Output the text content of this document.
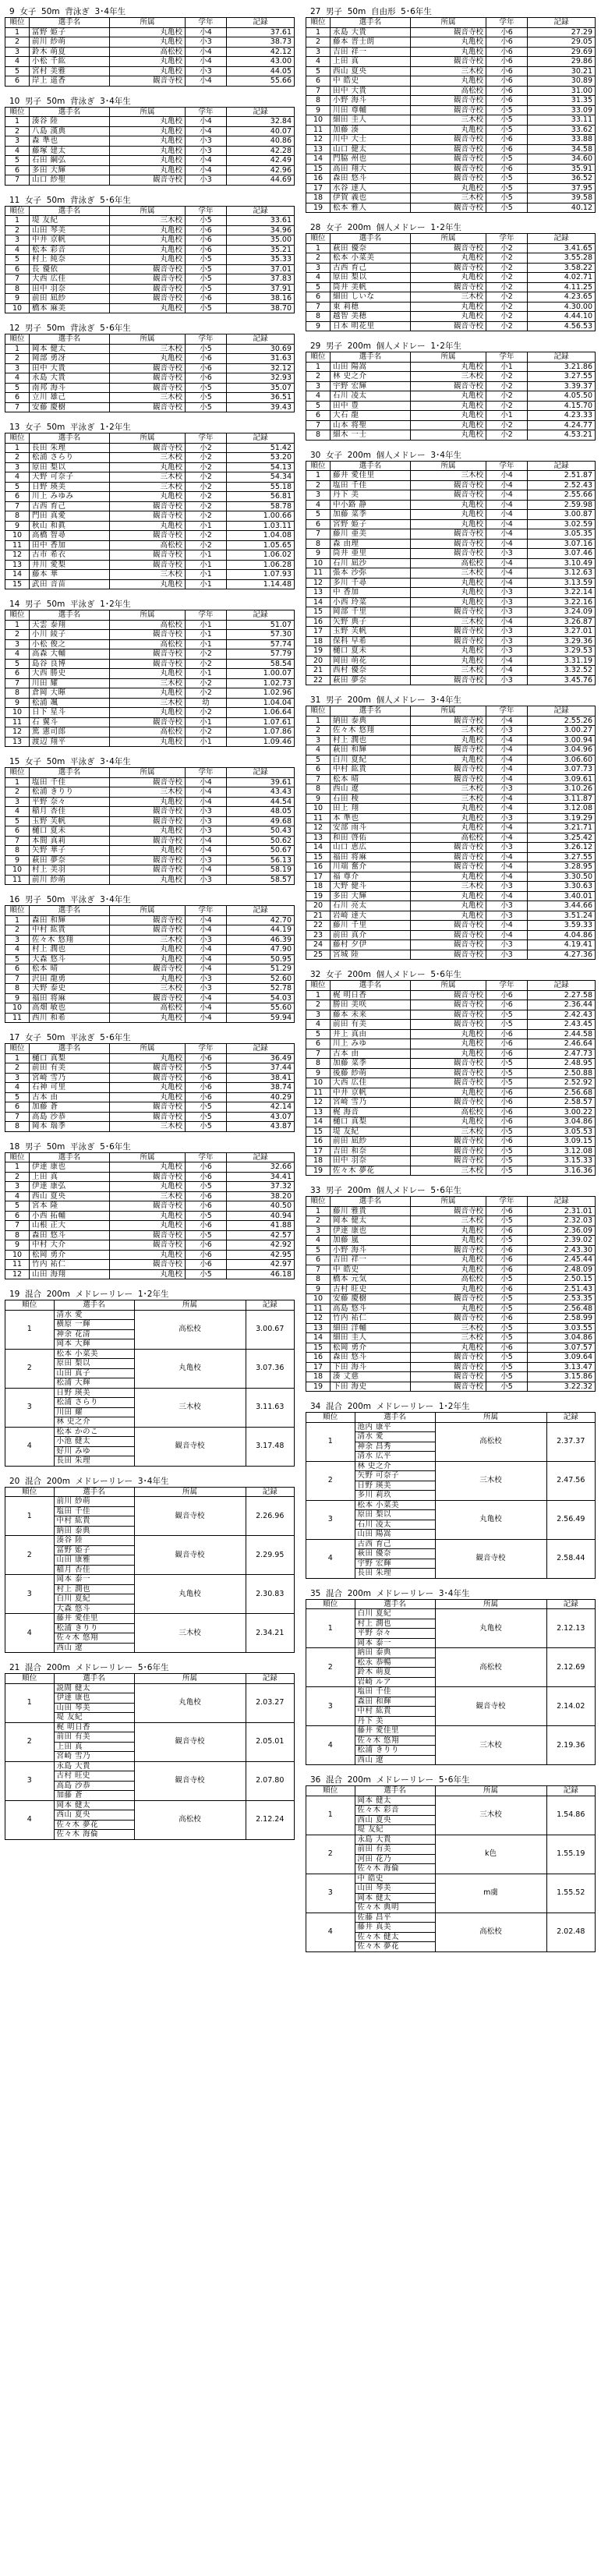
9  女子  50m  背泳ぎ  3･4年生
順位	選手名	所属	学年	記録
1	冨野 姫子	丸亀校	小4	37.61
2	前川 紗萌	丸亀校	小3	38.73
3	鈴木 萌夏	高松校	小4	42.12
4	小松 千紘	丸亀校	小4	43.00
5	宮村 美雅	丸亀校	小3	44.05
6	岸上 遥香	観音寺校	小4	55.66
10  男子  50m  背泳ぎ  3･4年生
順位	選手名	所属	学年	記録
1	湊谷 陸	丸亀校	小4	32.84
2	八島 漢典	丸亀校	小4	40.07
3	森 準也	丸亀校	小3	40.86
4	藤塚 建太	丸亀校	小3	42.28
5	石田 綱弘	丸亀校	小4	42.49
6	多田 大輝	丸亀校	小4	42.96
7	山口 紗聖	観音寺校	小3	44.69
11  女子  50m  背泳ぎ  5･6年生
順位	選手名	所属	学年	記録
1	堤 友紀	三木校	小5	33.61
2	山田 琴美	丸亀校	小6	34.96
3	中井 京帆	丸亀校	小6	35.00
4	松本 彩音	丸亀校	小6	35.21
5	村上 純奈	丸亀校	小5	35.33
6	長 優依	観音寺校	小5	37.01
7	大西 広佳	観音寺校	小5	37.83
8	田中 羽奈	観音寺校	小5	37.91
9	前田 凪紗	観音寺校	小6	38.16
10	橋本 麻美	丸亀校	小5	38.70
12  男子  50m  背泳ぎ  5･6年生
順位	選手名	所属	学年	記録
1	岡本 健太	三木校	小5	30.69
2	岡部 勇冴	丸亀校	小6	31.63
3	田中 大貴	観音寺校	小6	32.12
4	永島 大貴	観音寺校	小6	32.93
5	南邦 海斗	観音寺校	小5	35.07
6	立川 雄己	三木校	小5	36.51
7	安藤 慶樹	観音寺校	小5	39.43
13  女子  50m  平泳ぎ  1･2年生
順位	選手名	所属	学年	記録
1	長田 朱理	観音寺校	小2	51.42
2	松浦 さらり	三木校	小2	53.20
3	原田 梨以	丸亀校	小2	54.13
4	天野 可奈子	三木校	小2	54.34
5	日野 瑛美	三木校	小2	55.18
6	川上 みゆみ	丸亀校	小2	56.81
7	古西 育己	観音寺校	小2	58.78
8	門田 真愛	観音寺校	小2	1.00.66
9	秋山 和眞	丸亀校	小1	1.03.11
10	高橋 智尋	観音寺校	小2	1.04.08
11	田中 香加	高松校	小2	1.05.65
12	古市 希衣	観音寺校	小1	1.06.02
13	井川 愛梨	観音寺校	小1	1.06.28
14	藤本 華	三木校	小1	1.07.93
15	武田 音苗	丸亀校	小1	1.14.48
14  男子  50m  平泳ぎ  1･2年生
順位	選手名	所属	学年	記録
1	天雲 泰翔	高松校	小1	51.07
2	小川 綾子	観音寺校	小1	57.30
3	小松 俊之	高松校	小1	57.74
4	高森 大輔	観音寺校	小2	57.79
5	島谷 良博	観音寺校	小2	58.54
6	大西 勝史	丸亀校	小1	1.00.07
7	川田 耀	三木校	小2	1.02.73
8	倉岡 大暉	丸亀校	小2	1.02.96
9	松浦 颯	三木校	幼	1.04.04
10	日下 星斗	丸亀校	小2	1.06.64
11	石 翼斗	観音寺校	小1	1.07.61
12	篤 憲司郎	高松校	小2	1.07.86
13	渡辺 翔平	丸亀校	小1	1.09.46
15  女子  50m  平泳ぎ  3･4年生
順位	選手名	所属	学年	記録
1	塩田 千佳	観音寺校	小4	39.61
2	松浦 きりり	三木校	小4	43.43
3	平野 奈々	丸亀校	小4	44.54
4	稲月 杏佳	観音寺校	小3	48.05
5	玉野 芙帆	観音寺校	小3	49.68
6	樋口 夏未	丸亀校	小3	50.43
7	本間 真莉	観音寺校	小4	50.62
8	矢野 華子	丸亀校	小4	50.67
9	萩田 夢奈	観音寺校	小3	56.13
10	村上 美羽	観音寺校	小4	58.19
11	前川 紗萌	丸亀校	小3	58.57
16  男子  50m  平泳ぎ  3･4年生
順位	選手名	所属	学年	記録
1	森田 和輝	観音寺校	小4	42.70
2	中村 紘貴	観音寺校	小4	44.19
3	佐々木 悠翔	三木校	小3	46.39
4	村上 潤也	丸亀校	小4	47.90
5	大森 悠斗	丸亀校	小4	50.95
6	松本 晴	観音寺校	小4	51.29
7	沢田 龍勇	丸亀校	小3	52.60
8	天野 泰史	三木校	小3	52.78
9	福田 将麻	観音寺校	小4	54.03
10	高畑 敏也	高松校	小4	55.60
11	西川 和希	丸亀校	小4	59.94
17  女子  50m  平泳ぎ  5･6年生
順位	選手名	所属	学年	記録
1	樋口 真梨	丸亀校	小6	36.49
2	前田 有美	観音寺校	小5	37.44
3	宮崎 雪乃	観音寺校	小6	38.41
4	石神 可里	丸亀校	小6	38.74
5	古本 由	丸亀校	小6	40.29
6	加藤 蒼	観音寺校	小5	42.14
7	高島 沙恭	観音寺校	小5	43.07
8	岡本 瑞季	三木校	小5	43.87
18  男子  50m  平泳ぎ  5･6年生
順位	選手名	所属	学年	記録
1	伊達 康也	丸亀校	小6	32.66
2	上田 真	観音寺校	小6	34.41
3	伊達 康弘	丸亀校	小5	37.32
4	西山 夏央	三木校	小6	38.20
5	宮本 隆	観音寺校	小6	40.50
6	小西 拓輔	丸亀校	小5	40.94
7	山根 正大	丸亀校	小6	41.88
8	森田 悠斗	観音寺校	小5	42.57
9	中村 大介	観音寺校	小6	42.92
10	松岡 勇介	丸亀校	小6	42.95
11	竹内 祐仁	観音寺校	小6	42.97
12	山田 海翔	丸亀校	小5	46.18
19  混合  200m  メドレーリレー  1･2年生
順位	選手名	所属	記録
1	清水 愛	高松校	3.00.67
	横原 一輝		
	神余 花清		
	岡本 大輝		
2	松本 小菜美	丸亀校	3.07.36
	原田 梨以		
	山田 真子		
	松浦 大輝		
3	日野 瑛美	三木校	3.11.63
	松浦 さらり		
	川田 耀		
	林 史之介		
4	松本 かのこ	観音寺校	3.17.48
	小池 健太		
	好川 みゆ		
	長田 朱理		
20  混合  200m  メドレーリレー  3･4年生
順位	選手名	所属	記録
1	前川 紗萌	観音寺校	2.26.96
	塩田 千佳		
	中村 紘貴		
	納田 泰典		
2	湊谷 陸	観音寺校	2.29.95
	冨野 姫子		
	山田 康雅		
	稲月 杏佳		
3	岡本 泰一	丸亀校	2.30.83
	村上 潤也		
	白川 夏紀		
	大森 悠斗		
4	藤井 愛佳里	三木校	2.34.21
	松浦 きりり		
	佐々木 悠翔		
	西山 遼		
21  混合  200m  メドレーリレー  5･6年生
順位	選手名	所属	記録
1	説間 健太	丸亀校	2.03.27
	伊達 康也		
	山田 琴美		
	堤 友紀		
2	梶 明日香	観音寺校	2.05.01
	前田 有美		
	上田 真		
	宮崎 雪乃		
3	永島 大貴	観音寺校	2.07.80
	古村 旺史		
	高島 沙恭		
	加藤 蒼		
4	岡本 健太	高松校	2.12.24
	西山 夏央		
	佐々木 夢花		
	佐々木 海倫		
27  男子  50m  自由形  5･6年生
順位	選手名	所属	学年	記録
1	永島 大貴	観音寺校	小6	27.29
2	藤本 晋士朗	丸亀校	小6	29.05
3	吉田 祥一	丸亀校	小6	29.69
4	上田 真	観音寺校	小6	29.86
5	西山 夏央	三木校	小6	30.21
6	中 皓史	丸亀校	小6	30.89
7	田中 大貴	高松校	小6	31.00
8	小野 海斗	観音寺校	小6	31.35
9	川田 尊輔	観音寺校	小5	33.09
10	細田 圭人	三木校	小5	33.11
11	加藤 湊	丸亀校	小5	33.62
12	川中 大士	観音寺校	小6	33.88
13	山口 健太	観音寺校	小6	34.58
14	門脇 州也	観音寺校	小5	34.60
15	高田 翔大	観音寺校	小6	35.91
16	森田 悠斗	観音寺校	小5	36.52
17	水谷 達人	丸亀校	小5	37.95
18	伊賀 義也	三木校	小5	39.58
19	松本 雅人	観音寺校	小5	40.12
28  女子  200m  個人メドレー  1･2年生
順位	選手名	所属	学年	記録
1	萩田 優奈	観音寺校	小2	3.41.65
2	松本 小菜美	丸亀校	小2	3.55.28
3	古西 育己	観音寺校	小2	3.58.22
4	原田 梨以	丸亀校	小2	4.02.71
5	筒井 美帆	観音寺校	小2	4.11.25
6	細田 しいな	三木校	小2	4.23.65
7	東 莉穂	丸亀校	小2	4.30.00
8	越智 美穂	丸亀校	小2	4.44.10
9	日本 明花里	観音寺校	小2	4.56.53
29  男子  200m  個人メドレー  1･2年生
順位	選手名	所属	学年	記録
1	山田 陽嵩	丸亀校	小1	3.21.86
2	林 史之介	三木校	小2	3.27.55
3	宇野 宏輝	観音寺校	小2	3.39.37
4	石川 凌太	丸亀校	小2	4.05.50
5	田中 豊	丸亀校	小2	4.15.70
6	大石 龍	丸亀校	小1	4.23.33
7	山本 将聖	丸亀校	小2	4.24.77
8	細木 一士	丸亀校	小2	4.53.21
30  女子  200m  個人メドレー  3･4年生
順位	選手名	所属	学年	記録
1	藤井 愛佳里	三木校	小4	2.51.87
2	塩田 千佳	観音寺校	小4	2.52.43
3	丹下 美	観音寺校	小4	2.55.66
4	中小路 静	丸亀校	小4	2.59.98
5	加藤 菜季	丸亀校	小4	3.00.87
6	宮野 姫子	丸亀校	小4	3.02.59
7	藤川 亜美	観音寺校	小4	3.05.35
8	森 由理	観音寺校	小4	3.07.16
9	筒井 亜里	観音寺校	小3	3.07.46
10	石川 凪沙	高松校	小4	3.10.49
11	張本 沙弥	三木校	小4	3.12.63
12	多川 千尋	丸亀校	小4	3.13.59
13	中 香加	丸亀校	小3	3.22.14
14	小西 玲菜	丸亀校	小3	3.22.16
15	岡部 千里	観音寺校	小3	3.24.09
16	矢野 典子	三木校	小4	3.26.87
17	玉野 芙帆	観音寺校	小3	3.27.01
18	保科 早希	観音寺校	小3	3.29.36
19	樋口 夏未	丸亀校	小3	3.29.53
20	岡田 萌花	丸亀校	小4	3.31.19
21	西村 優奈	三木校	小4	3.32.52
22	萩田 夢奈	観音寺校	小3	3.45.76
31  男子  200m  個人メドレー  3･4年生
順位	選手名	所属	学年	記録
1	納田 泰典	観音寺校	小4	2.55.26
2	佐々木 悠翔	三木校	小3	3.00.27
3	村上 潤也	丸亀校	小4	3.00.94
4	萩田 和輝	観音寺校	小4	3.04.96
5	白川 夏紀	丸亀校	小4	3.06.60
6	中村 紘貴	観音寺校	小4	3.07.73
7	松本 晴	観音寺校	小4	3.09.61
8	西山 遼	三木校	小3	3.10.26
9	石田 稜	三木校	小4	3.11.87
10	田上 翔	丸亀校	小4	3.12.08
11	本 準也	丸亀校	小3	3.19.29
12	安部 雨斗	丸亀校	小4	3.21.71
13	和田 啓佑	高松校	小4	3.25.42
14	山口 恵広	観音寺校	小3	3.26.12
15	福田 将麻	観音寺校	小4	3.27.55
16	川端 奮介	観音寺校	小4	3.28.95
17	福 尊介	丸亀校	小4	3.30.50
18	大野 健斗	三木校	小3	3.30.63
19	多田 大輝	丸亀校	小4	3.40.01
20	石川 亮太	丸亀校	小3	3.44.66
21	岩崎 達大	丸亀校	小3	3.51.24
22	藤川 千里	観音寺校	小4	3.59.33
23	前田 真介	観音寺校	小4	4.04.86
24	藤村 夕伊	観音寺校	小3	4.19.41
25	宮城 陸	観音寺校	小3	4.27.36
32  女子  200m  個人メドレー  5･6年生
順位	選手名	所属	学年	記録
1	梶 明日香	観音寺校	小6	2.27.58
2	勝田 美咲	観音寺校	小6	2.36.44
3	藤本 未来	観音寺校	小5	2.42.43
4	前田 有美	観音寺校	小5	2.43.45
5	井上 真由	丸亀校	小6	2.44.58
6	川上 みゆ	丸亀校	小6	2.46.64
7	古本 由	丸亀校	小6	2.47.73
8	加藤 菜季	観音寺校	小5	2.48.95
9	後藤 紗萌	観音寺校	小5	2.50.88
10	大西 広佳	観音寺校	小5	2.52.92
11	中井 京帆	丸亀校	小6	2.56.68
12	宮崎 雪乃	観音寺校	小6	2.58.57
13	梶 海音	高松校	小6	3.00.22
14	樋口 真梨	丸亀校	小6	3.04.86
15	堤 友紀	三木校	小5	3.05.53
16	前田 凪紗	観音寺校	小6	3.09.15
17	吉田 和奈	観音寺校	小5	3.12.08
18	田中 羽奈	観音寺校	小5	3.15.33
19	佐々木 夢花	三木校	小5	3.16.36
33  男子  200m  個人メドレー  5･6年生
順位	選手名	所属	学年	記録
1	藤川 雅貴	観音寺校	小6	2.31.01
2	岡本 健太	三木校	小5	2.32.03
3	伊達 康也	丸亀校	小6	2.36.09
4	加藤 嵐	丸亀校	小5	2.39.02
5	小野 海斗	観音寺校	小6	2.43.30
6	吉田 祥一	丸亀校	小6	2.45.44
7	中 皓史	丸亀校	小6	2.48.09
8	橋本 元気	高松校	小5	2.50.15
9	古村 旺史	丸亀校	小6	2.51.43
10	安藤 慶樹	観音寺校	小5	2.53.35
11	高島 悠斗	丸亀校	小5	2.56.48
12	竹内 祐仁	観音寺校	小6	2.58.99
13	細田 洋輔	三木校	小5	3.03.55
14	細田 圭人	三木校	小5	3.04.86
15	松岡 勇介	丸亀校	小6	3.07.57
16	森田 悠斗	観音寺校	小5	3.09.64
17	下田 海斗	観音寺校	小5	3.13.47
18	湊 丈慈	観音寺校	小5	3.15.86
19	下田 海史	観音寺校	小5	3.22.32
34  混合  200m  メドレーリレー  1･2年生
順位	選手名	所属	記録
1	池内 康平	高松校	2.37.37
	清水 愛		
	神余 昌秀		
	清水 広平		
2	林 史之介	三木校	2.47.56
	矢野 可奈子		
	日野 瑛美		
	多川 莉玖		
3	松本 小菜美	丸亀校	2.56.49
	原田 梨以		
	石川 凌太		
	山田 陽嵩		
4	古西 育己	観音寺校	2.58.44
	萩田 優奈		
	宇野 宏輝		
	長田 朱理		
35  混合  200m  メドレーリレー  3･4年生
順位	選手名	所属	記録
1	白川 夏紀	丸亀校	2.12.13
	村上 潤也		
	平野 奈々		
	岡本 泰一		
2	納田 泰典	高松校	2.12.69
	松永 恭暢		
	鈴木 萌夏		
	岩崎 ルア		
3	塩田 千佳	観音寺校	2.14.02
	森田 和輝		
	中村 紘貴		
	丹下 美		
4	藤井 愛佳里	三木校	2.19.36
	佐々木 悠翔		
	松浦 きりり		
	西山 遼		
36  混合  200m  メドレーリレー  5･6年生
順位	選手名	所属	記録
1	岡本 健太	三木校	1.54.86
	佐々木 彩音		
	西山 夏央		
	堤 友紀		
2	永島 大貴	k色	1.55.19
	前田 有美		
	河田 花乃		
	佐々木 海倫		
3	中 皓史	m虜	1.55.52
	山田 琴美		
	岡本 健太		
	佐々木 典明		
4	佐藤 昌平	高松校	2.02.48
	藤井 真美		
	佐々木 健太		
	佐々木 夢花		
